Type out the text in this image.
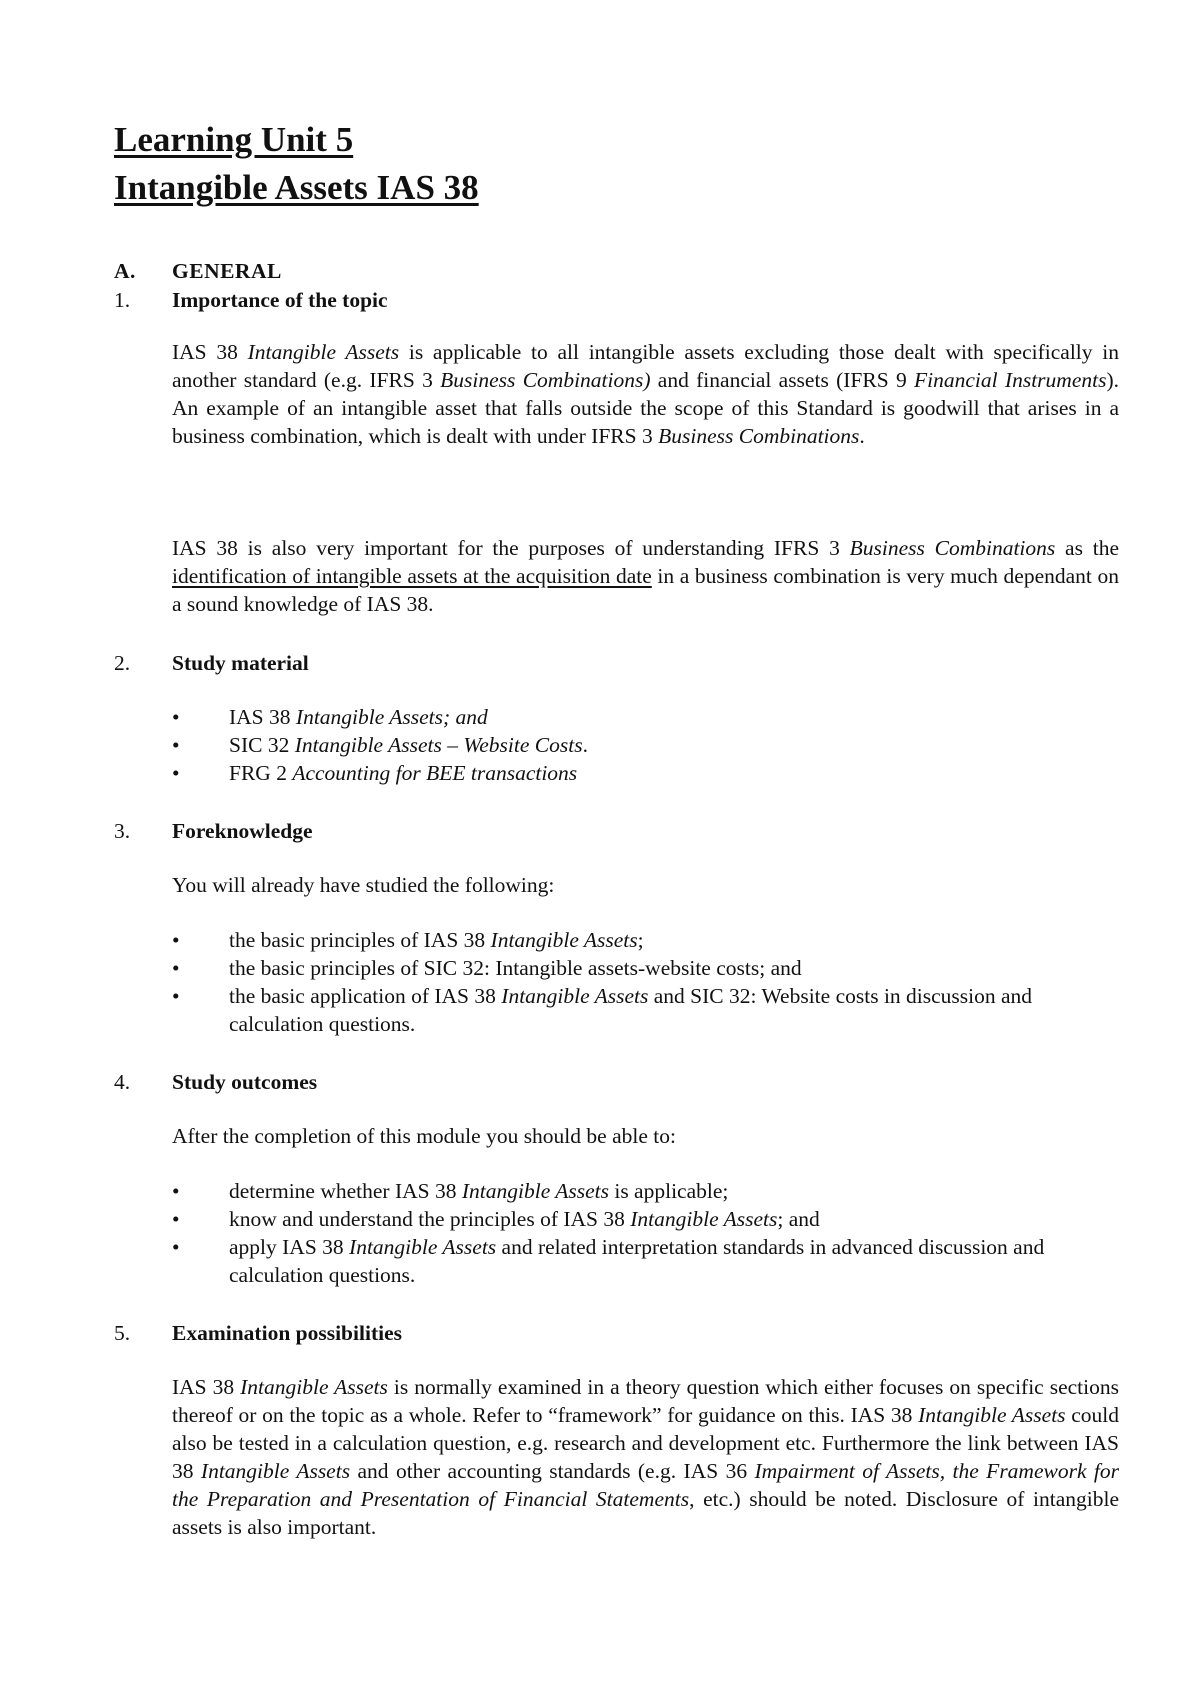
Learning Unit 5
Intangible Assets IAS 38
A. GENERAL
1. Importance of the topic

IAS 38 Intangible Assets is applicable to all intangible assets excluding those dealt with specifically in another standard (e.g. IFRS 3 Business Combinations) and financial assets (IFRS 9 Financial Instruments). An example of an intangible asset that falls outside the scope of this Standard is goodwill that arises in a business combination, which is dealt with under IFRS 3 Business Combinations.

IAS 38 is also very important for the purposes of understanding IFRS 3 Business Combinations as the identification of intangible assets at the acquisition date in a business combination is very much dependant on a sound knowledge of IAS 38.

2. Study material
• IAS 38 Intangible Assets; and
• SIC 32 Intangible Assets – Website Costs.
• FRG 2 Accounting for BEE transactions
3. Foreknowledge

You will already have studied the following:

• the basic principles of IAS 38 Intangible Assets;
• the basic principles of SIC 32: Intangible assets-website costs; and
• the basic application of IAS 38 Intangible Assets and SIC 32: Website costs in discussion and calculation questions.
4. Study outcomes

After the completion of this module you should be able to:

• determine whether IAS 38 Intangible Assets is applicable;
• know and understand the principles of IAS 38 Intangible Assets; and
• apply IAS 38 Intangible Assets and related interpretation standards in advanced discussion and calculation questions.
5. Examination possibilities

IAS 38 Intangible Assets is normally examined in a theory question which either focuses on specific sections thereof or on the topic as a whole. Refer to “framework” for guidance on this. IAS 38 Intangible Assets could also be tested in a calculation question, e.g. research and development etc. Furthermore the link between IAS 38 Intangible Assets and other accounting standards (e.g. IAS 36 Impairment of Assets, the Framework for the Preparation and Presentation of Financial Statements, etc.) should be noted. Disclosure of intangible assets is also important.
